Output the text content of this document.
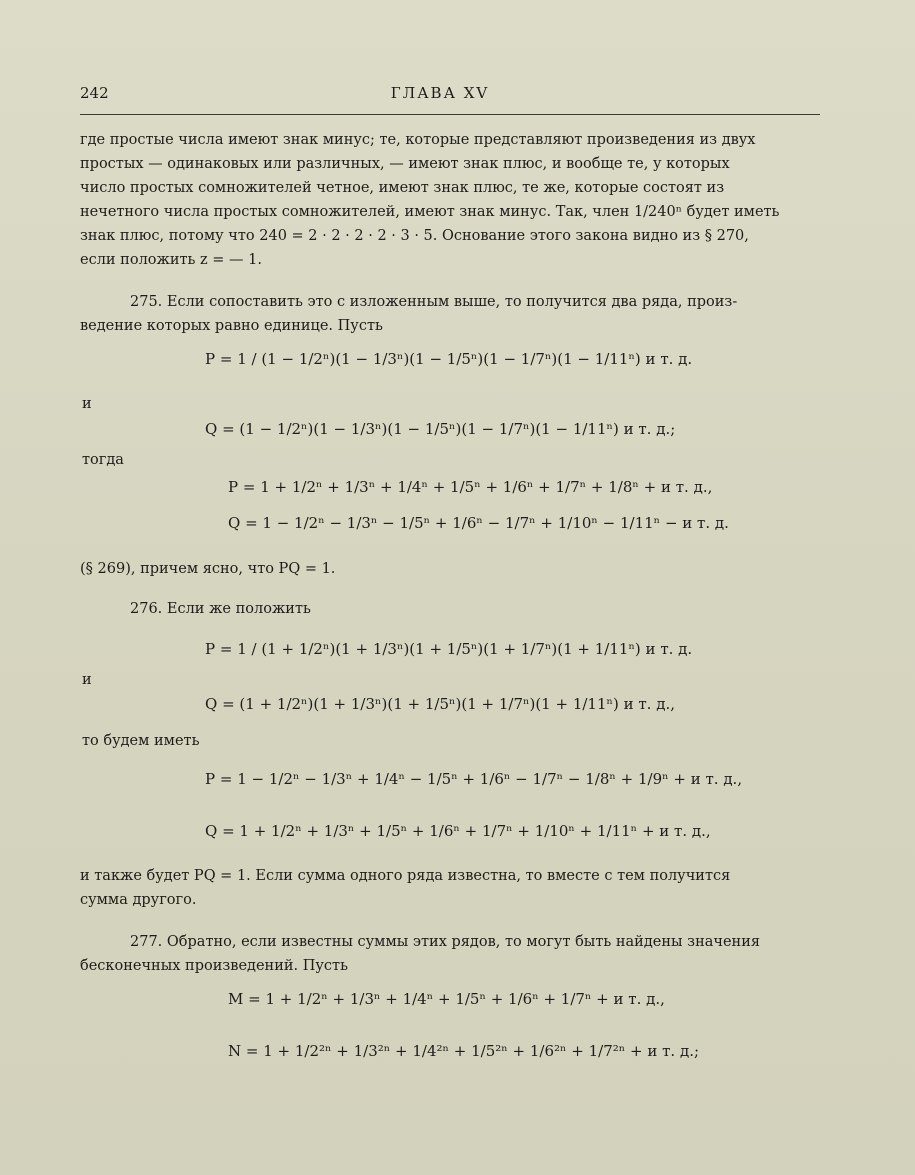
242	ГЛАВА XV
где простые числа имеют знак минус; те, которые представляют произведения из двух
простых — одинаковых или различных, — имеют знак плюс, и вообще те, у которых
число простых сомножителей четное, имеют знак плюс, те же, которые состоят из
нечетного числа простых сомножителей, имеют знак минус. Так, член 1/240ⁿ будет иметь
знак плюс, потому что 240 = 2 · 2 · 2 · 2 · 3 · 5. Основание этого закона видно из § 270,
если положить z = — 1.
275. Если сопоставить это с изложенным выше, то получится два ряда, произ-
ведение которых равно единице. Пусть
P = 1 / (1 − 1/2ⁿ)(1 − 1/3ⁿ)(1 − 1/5ⁿ)(1 − 1/7ⁿ)(1 − 1/11ⁿ) и т. д.
и
Q = (1 − 1/2ⁿ)(1 − 1/3ⁿ)(1 − 1/5ⁿ)(1 − 1/7ⁿ)(1 − 1/11ⁿ) и т. д.;
тогда
P = 1 + 1/2ⁿ + 1/3ⁿ + 1/4ⁿ + 1/5ⁿ + 1/6ⁿ + 1/7ⁿ + 1/8ⁿ + и т. д.,
Q = 1 − 1/2ⁿ − 1/3ⁿ − 1/5ⁿ + 1/6ⁿ − 1/7ⁿ + 1/10ⁿ − 1/11ⁿ − и т. д.
(§ 269), причем ясно, что PQ = 1.
276. Если же положить
P = 1 / (1 + 1/2ⁿ)(1 + 1/3ⁿ)(1 + 1/5ⁿ)(1 + 1/7ⁿ)(1 + 1/11ⁿ) и т. д.
и
Q = (1 + 1/2ⁿ)(1 + 1/3ⁿ)(1 + 1/5ⁿ)(1 + 1/7ⁿ)(1 + 1/11ⁿ) и т. д.,
то будем иметь
P = 1 − 1/2ⁿ − 1/3ⁿ + 1/4ⁿ − 1/5ⁿ + 1/6ⁿ − 1/7ⁿ − 1/8ⁿ + 1/9ⁿ + и т. д.,
Q = 1 + 1/2ⁿ + 1/3ⁿ + 1/5ⁿ + 1/6ⁿ + 1/7ⁿ + 1/10ⁿ + 1/11ⁿ + и т. д.,
и также будет PQ = 1. Если сумма одного ряда известна, то вместе с тем получится
сумма другого.
277. Обратно, если известны суммы этих рядов, то могут быть найдены значения
бесконечных произведений. Пусть
M = 1 + 1/2ⁿ + 1/3ⁿ + 1/4ⁿ + 1/5ⁿ + 1/6ⁿ + 1/7ⁿ + и т. д.,
N = 1 + 1/2²ⁿ + 1/3²ⁿ + 1/4²ⁿ + 1/5²ⁿ + 1/6²ⁿ + 1/7²ⁿ + и т. д.;
